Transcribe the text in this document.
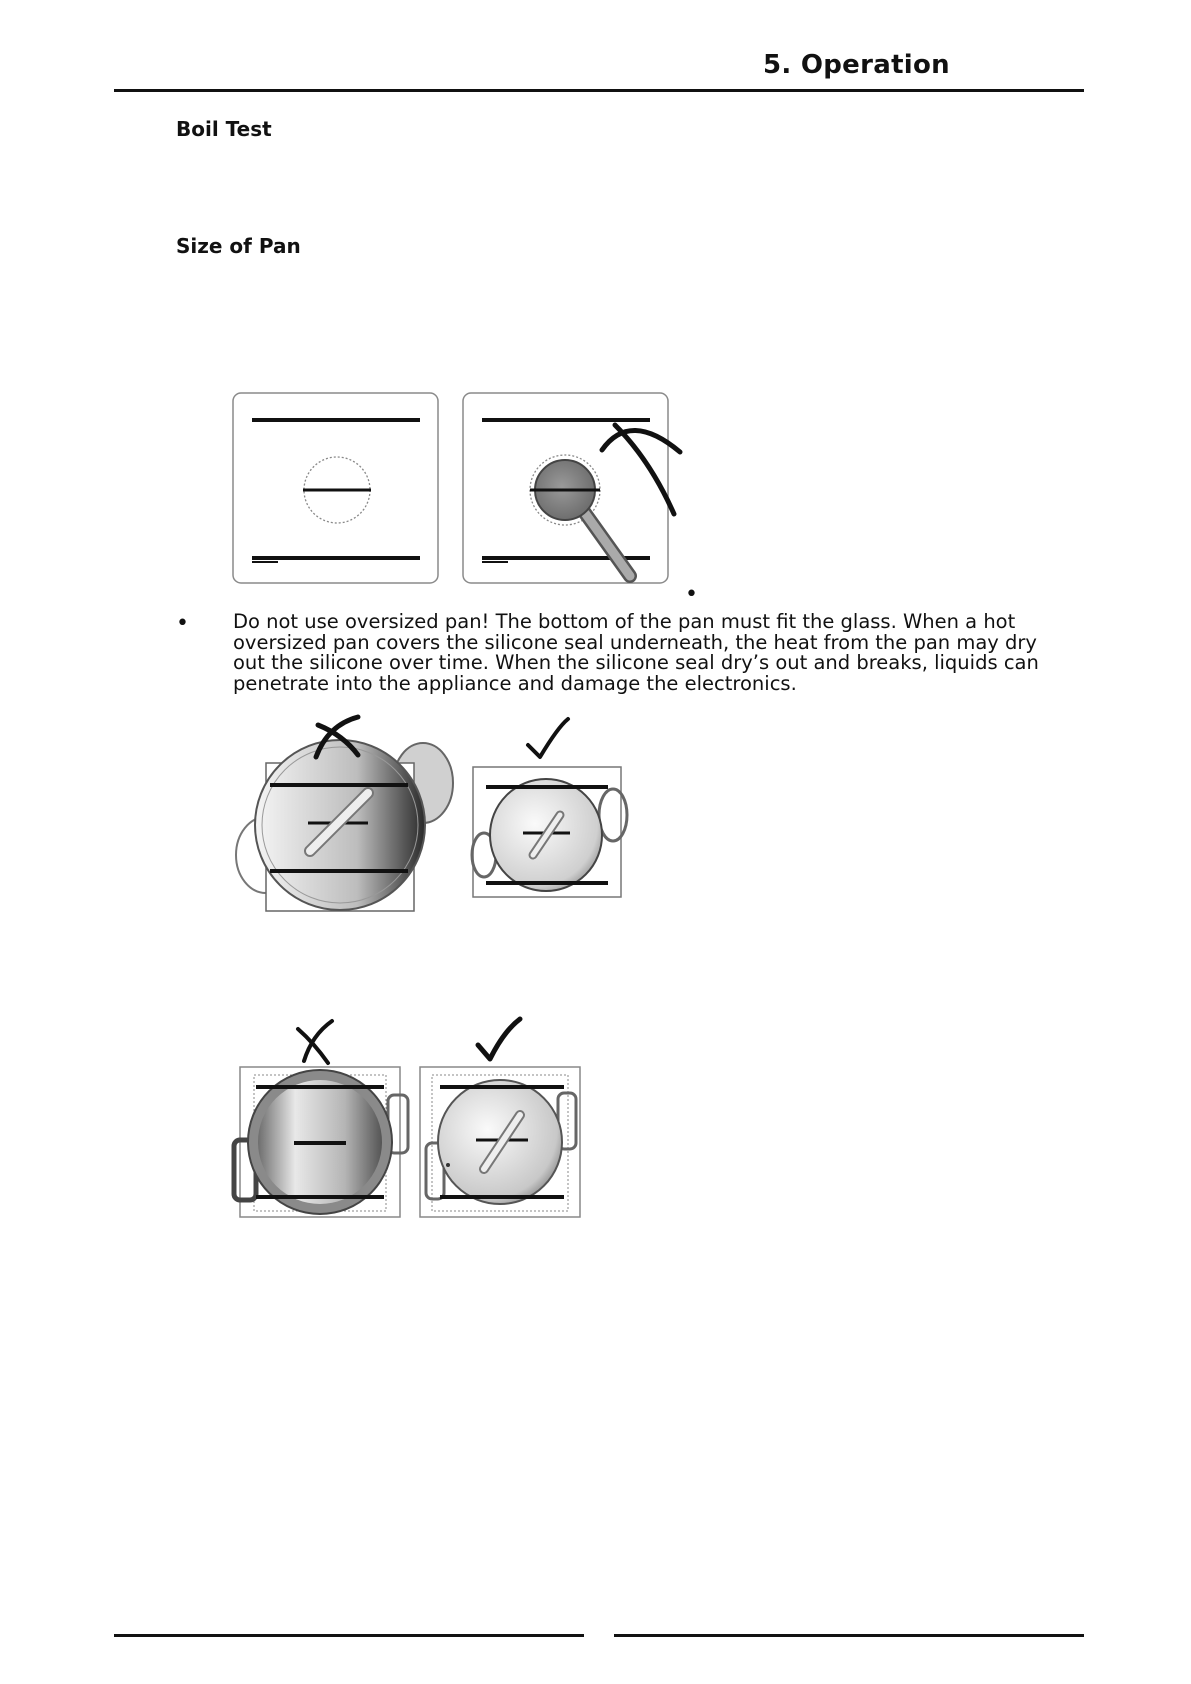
5. Operation
Boil Test
Size of Pan
•
• Do not use oversized pan! The bottom of the pan must fit the glass. When a hot oversized pan covers the silicone seal underneath, the heat from the pan may dry out the silicone over time. When the silicone seal dry’s out and breaks, liquids can penetrate into the appliance and damage the electronics.
